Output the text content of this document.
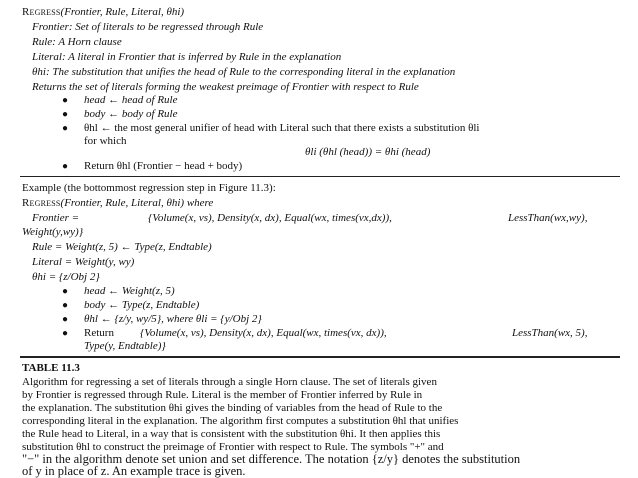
Regress(Frontier, Rule, Literal, θhi)
Frontier: Set of literals to be regressed through Rule
Rule: A Horn clause
Literal: A literal in Frontier that is inferred by Rule in the explanation
θhi: The substitution that unifies the head of Rule to the corresponding literal in the explanation
Returns the set of literals forming the weakest preimage of Frontier with respect to Rule
● head ← head of Rule
● body ← body of Rule
● θhl ← the most general unifier of head with Literal such that there exists a substitution θli
for which
θli (θhl (head)) = θhi (head)
● Return θhl (Frontier − head + body)
Example (the bottommost regression step in Figure 11.3):
Regress(Frontier, Rule, Literal, θhi) where
Frontier =	{Volume(x, vs), Density(x, dx), Equal(wx, times(vx,dx)),	LessThan(wx,wy),
Weight(y,wy)}
Rule = Weight(z, 5) ← Type(z, Endtable)
Literal = Weight(y, wy)
θhi = {z/Obj 2}
● head ← Weight(z, 5)
● body ← Type(z, Endtable)
● θhl ← {z/y, wy/5}, where θli = {y/Obj 2}
● Return {Volume(x, vs), Density(x, dx), Equal(wx, times(vx, dx)),	LessThan(wx, 5),
Type(y, Endtable)}
TABLE 11.3
Algorithm for regressing a set of literals through a single Horn clause. The set of literals given
by Frontier is regressed through Rule. Literal is the member of Frontier inferred by Rule in
the explanation. The substitution θhi gives the binding of variables from the head of Rule to the
corresponding literal in the explanation. The algorithm first computes a substitution θhl that unifies
the Rule head to Literal, in a way that is consistent with the substitution θhi. It then applies this
substitution θhl to construct the preimage of Frontier with respect to Rule. The symbols "+" and
"−" in the algorithm denote set union and set difference. The notation {z/y} denotes the substitution
of y in place of z. An example trace is given.
